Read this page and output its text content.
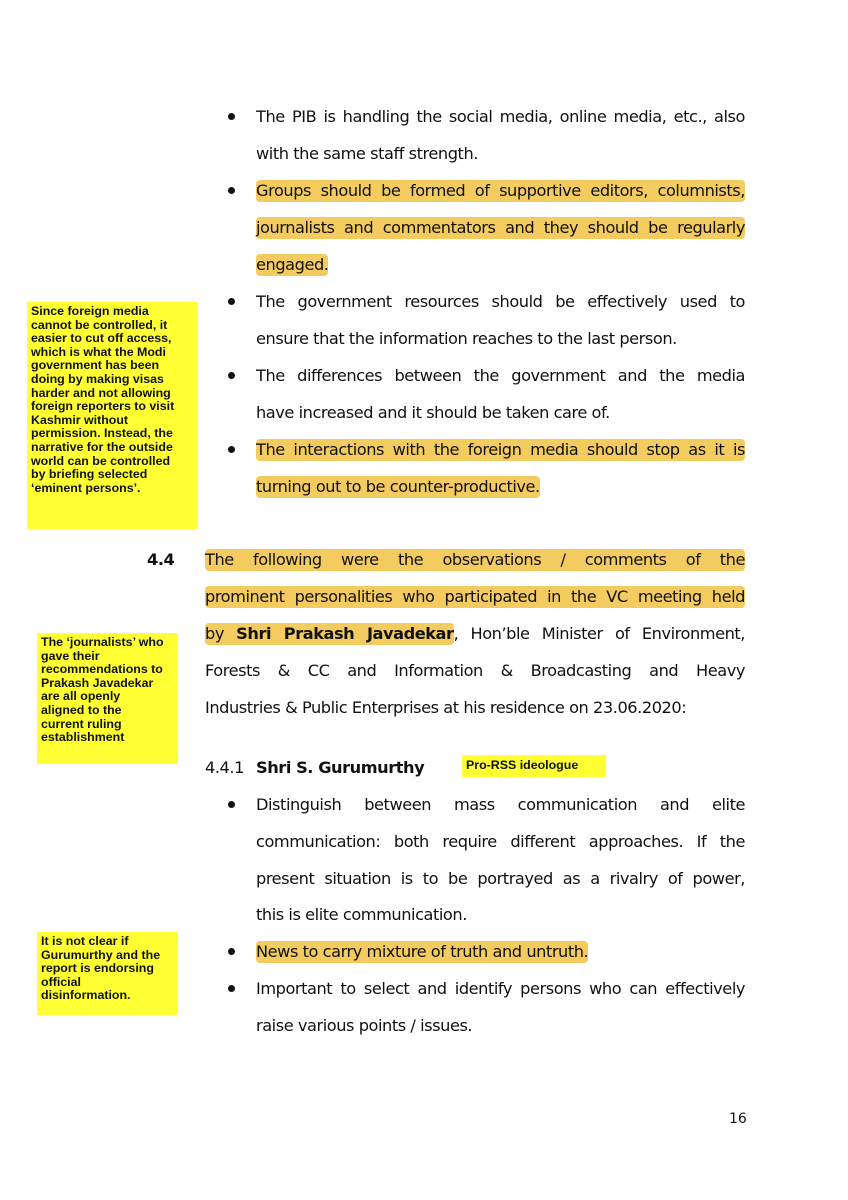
The PIB is handling the social media, online media, etc., also
with the same staff strength.
Groups should be formed of supportive editors, columnists,
journalists and commentators and they should be regularly
engaged.
The government resources should be effectively used to
ensure that the information reaches to the last person.
The differences between the government and the media
have increased and it should be taken care of.
The interactions with the foreign media should stop as it is
turning out to be counter-productive.
4.4 The following were the observations / comments of the
prominent personalities who participated in the VC meeting held
by Shri Prakash Javadekar, Hon’ble Minister of Environment,
Forests & CC and Information & Broadcasting and Heavy
Industries & Public Enterprises at his residence on 23.06.2020:
4.4.1 Shri S. Gurumurthy
Distinguish between mass communication and elite
communication: both require different approaches. If the
present situation is to be portrayed as a rivalry of power,
this is elite communication.
News to carry mixture of truth and untruth.
Important to select and identify persons who can effectively
raise various points / issues.
Since foreign media
cannot be controlled, it
easier to cut off access,
which is what the Modi
government has been
doing by making visas
harder and not allowing
foreign reporters to visit
Kashmir without
permission. Instead, the
narrative for the outside
world can be controlled
by briefing selected
‘eminent persons’.
The ‘journalists’ who
gave their
recommendations to
Prakash Javadekar
are all openly
aligned to the
current ruling
establishment
It is not clear if
Gurumurthy and the
report is endorsing
official
disinformation.
Pro-RSS ideologue
16
